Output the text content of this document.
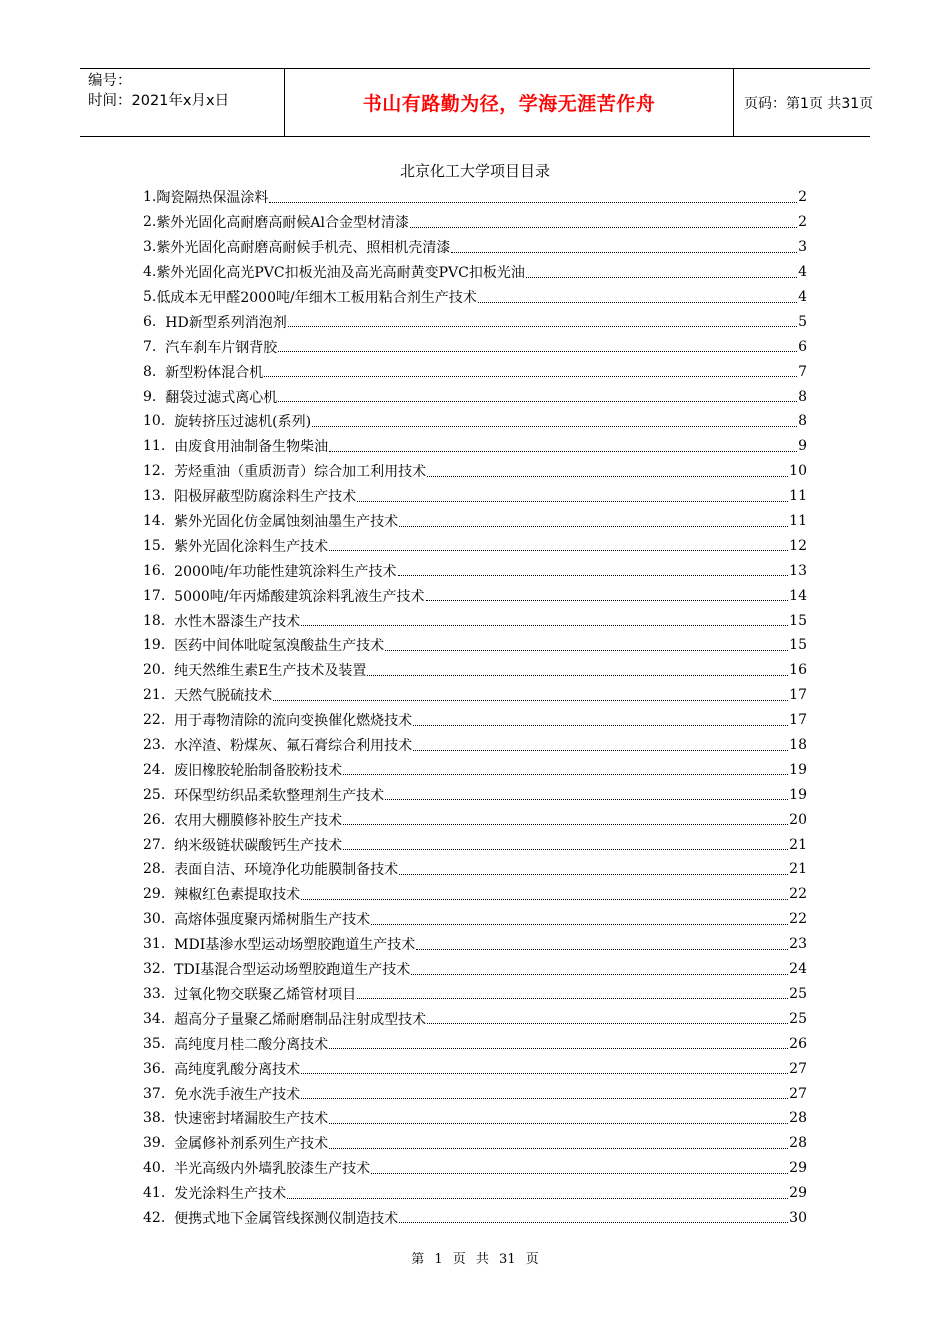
编号：
时间：2021年x月x日	书山有路勤为径，学海无涯苦作舟	页码：第1页 共31页
北京化工大学项目目录
1. 陶瓷隔热保温涂料	2
2. 紫外光固化高耐磨高耐候Al合金型材清漆	2
3. 紫外光固化高耐磨高耐候手机壳、照相机壳清漆	3
4. 紫外光固化高光PVC扣板光油及高光高耐黄变PVC扣板光油	4
5. 低成本无甲醛2000吨/年细木工板用粘合剂生产技术	4
6. HD新型系列消泡剂	5
7. 汽车刹车片钢背胶	6
8. 新型粉体混合机	7
9. 翻袋过滤式离心机	8
10. 旋转挤压过滤机(系列)	8
11. 由废食用油制备生物柴油	9
12. 芳烃重油（重质沥青）综合加工利用技术	10
13. 阳极屏蔽型防腐涂料生产技术	11
14. 紫外光固化仿金属蚀刻油墨生产技术	11
15. 紫外光固化涂料生产技术	12
16. 2000吨/年功能性建筑涂料生产技术	13
17. 5000吨/年丙烯酸建筑涂料乳液生产技术	14
18. 水性木器漆生产技术	15
19. 医药中间体吡啶氢溴酸盐生产技术	15
20. 纯天然维生素E生产技术及装置	16
21. 天然气脱硫技术	17
22. 用于毒物清除的流向变换催化燃烧技术	17
23. 水淬渣、粉煤灰、氟石膏综合利用技术	18
24. 废旧橡胶轮胎制备胶粉技术	19
25. 环保型纺织品柔软整理剂生产技术	19
26. 农用大棚膜修补胶生产技术	20
27. 纳米级链状碳酸钙生产技术	21
28. 表面自洁、环境净化功能膜制备技术	21
29. 辣椒红色素提取技术	22
30. 高熔体强度聚丙烯树脂生产技术	22
31. MDI基渗水型运动场塑胶跑道生产技术	23
32. TDI基混合型运动场塑胶跑道生产技术	24
33. 过氧化物交联聚乙烯管材项目	25
34. 超高分子量聚乙烯耐磨制品注射成型技术	25
35. 高纯度月桂二酸分离技术	26
36. 高纯度乳酸分离技术	27
37. 免水洗手液生产技术	27
38. 快速密封堵漏胶生产技术	28
39. 金属修补剂系列生产技术	28
40. 半光高级内外墙乳胶漆生产技术	29
41. 发光涂料生产技术	29
42. 便携式地下金属管线探测仪制造技术	30
第 1 页 共 31 页
